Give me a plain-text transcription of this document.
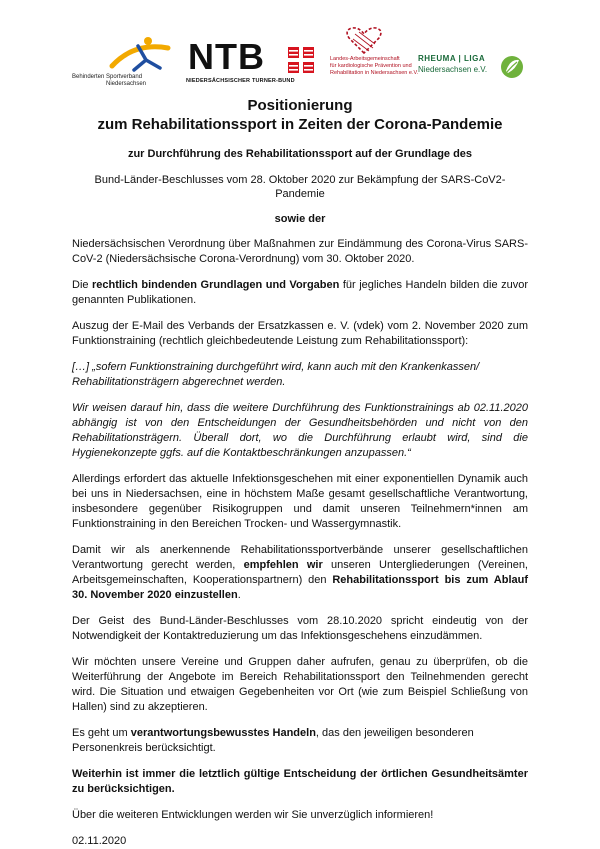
Behinderten Sportverband
Niedersachsen
NTB
NIEDERSÄCHSISCHER TURNER-BUND
Landes-Arbeitsgemeinschaft
für kardiologische Prävention und
Rehabilitation in Niedersachsen e.V.
RHEUMA | LIGA
Niedersachsen e.V.
Positionierung
zum Rehabilitationssport in Zeiten der Corona-Pandemie
zur Durchführung des Rehabilitationssport auf der Grundlage des
Bund-Länder-Beschlusses vom 28. Oktober 2020 zur Bekämpfung der SARS-CoV2-Pandemie
sowie der

Niedersächsischen Verordnung über Maßnahmen zur Eindämmung des Corona-Virus SARS-CoV-2 (Niedersächsische Corona-Verordnung) vom 30. Oktober 2020.

Die rechtlich bindenden Grundlagen und Vorgaben für jegliches Handeln bilden die zuvor genannten Publikationen.

Auszug der E-Mail des Verbands der Ersatzkassen e. V. (vdek) vom 2. November 2020 zum Funktionstraining (rechtlich gleichbedeutende Leistung zum Rehabilitationssport):

[…] „sofern Funktionstraining durchgeführt wird, kann auch mit den Krankenkassen/ Rehabilitationsträgern abgerechnet werden.

Wir weisen darauf hin, dass die weitere Durchführung des Funktionstrainings ab 02.11.2020 abhängig ist von den Entscheidungen der Gesundheitsbehörden und nicht von den Rehabilitationsträgern. Überall dort, wo die Durchführung erlaubt wird, sind die Hygienekonzepte ggfs. auf die Kontaktbeschränkungen anzupassen.“

Allerdings erfordert das aktuelle Infektionsgeschehen mit einer exponentiellen Dynamik auch bei uns in Niedersachsen, eine in höchstem Maße gesamt gesellschaftliche Verantwortung, insbesondere gegenüber Risikogruppen und damit unseren Teilnehmern*innen am Funktionstraining in den Bereichen Trocken- und Wassergymnastik.

Damit wir als anerkennende Rehabilitationssportverbände unserer gesellschaftlichen Verantwortung gerecht werden, empfehlen wir unseren Untergliederungen (Vereinen, Arbeitsgemeinschaften, Kooperationspartnern) den Rehabilitationssport bis zum Ablauf 30. November 2020 einzustellen.

Der Geist des Bund-Länder-Beschlusses vom 28.10.2020 spricht eindeutig von der Notwendigkeit der Kontaktreduzierung um das Infektionsgeschehens einzudämmen.

Wir möchten unsere Vereine und Gruppen daher aufrufen, genau zu überprüfen, ob die Weiterführung der Angebote im Bereich Rehabilitationssport den Teilnehmenden gerecht wird. Die Situation und etwaigen Gegebenheiten vor Ort (wie zum Beispiel Schließung von Hallen) sind zu akzeptieren.

Es geht um verantwortungsbewusstes Handeln, das den jeweiligen besonderen Personenkreis berücksichtigt.

Weiterhin ist immer die letztlich gültige Entscheidung der örtlichen Gesundheitsämter zu berücksichtigen.

Über die weiteren Entwicklungen werden wir Sie unverzüglich informieren!

02.11.2020
